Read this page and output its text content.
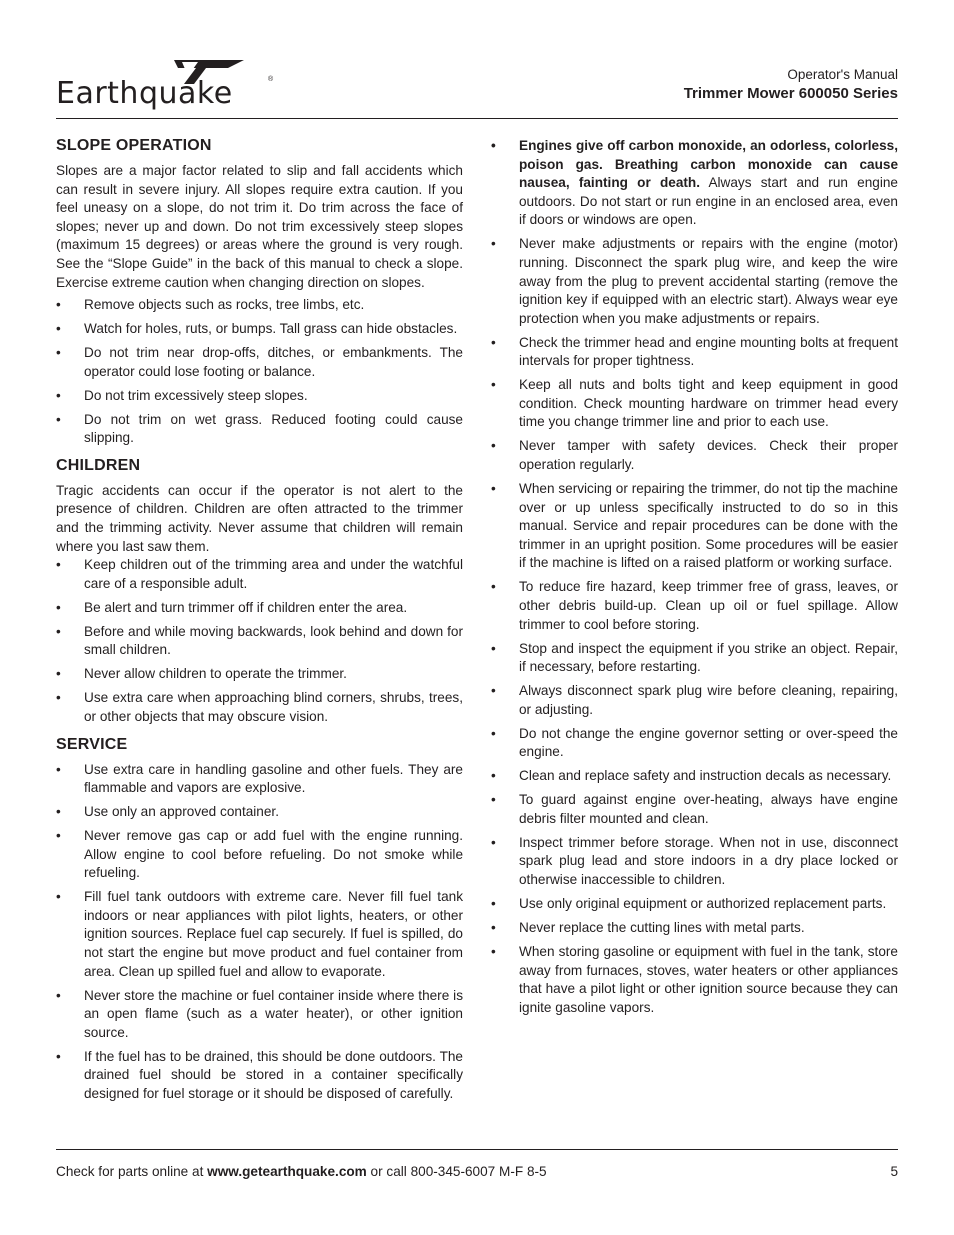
Earthquake	®	Operator's Manual
Trimmer Mower 600050 Series
SLOPE OPERATION

Slopes are a major factor related to slip and fall accidents which can result in severe injury. All slopes require extra caution. If you feel uneasy on a slope, do not trim it. Do trim across the face of slopes; never up and down. Do not trim excessively steep slopes (maximum 15 degrees) or areas where the ground is very rough. See the “Slope Guide” in the back of this manual to check a slope. Exercise extreme caution when changing direction on slopes.

• Remove objects such as rocks, tree limbs, etc.
• Watch for holes, ruts, or bumps. Tall grass can hide obstacles.
• Do not trim near drop-offs, ditches, or embankments. The operator could lose footing or balance.
• Do not trim excessively steep slopes.
• Do not trim on wet grass. Reduced footing could cause slipping.
CHILDREN

Tragic accidents can occur if the operator is not alert to the presence of children. Children are often attracted to the trimmer and the trimming activity. Never assume that children will remain where you last saw them.

• Keep children out of the trimming area and under the watchful care of a responsible adult.
• Be alert and turn trimmer off if children enter the area.
• Before and while moving backwards, look behind and down for small children.
• Never allow children to operate the trimmer.
• Use extra care when approaching blind corners, shrubs, trees, or other objects that may obscure vision.
SERVICE
• Use extra care in handling gasoline and other fuels. They are flammable and vapors are explosive.
• Use only an approved container.
• Never remove gas cap or add fuel with the engine running. Allow engine to cool before refueling. Do not smoke while refueling.
• Fill fuel tank outdoors with extreme care. Never fill fuel tank indoors or near appliances with pilot lights, heaters, or other ignition sources. Replace fuel cap securely. If fuel is spilled, do not start the engine but move product and fuel container from area. Clean up spilled fuel and allow to evaporate.
• Never store the machine or fuel container inside where there is an open flame (such as a water heater), or other ignition source.
• If the fuel has to be drained, this should be done outdoors. The drained fuel should be stored in a container specifically designed for fuel storage or it should be disposed of carefully.
• Engines give off carbon monoxide, an odorless, colorless, poison gas. Breathing carbon monoxide can cause nausea, fainting or death. Always start and run engine outdoors. Do not start or run engine in an enclosed area, even if doors or windows are open.
• Never make adjustments or repairs with the engine (motor) running. Disconnect the spark plug wire, and keep the wire away from the plug to prevent accidental starting (remove the ignition key if equipped with an electric start). Always wear eye protection when you make adjustments or repairs.
• Check the trimmer head and engine mounting bolts at frequent intervals for proper tightness.
• Keep all nuts and bolts tight and keep equipment in good condition. Check mounting hardware on trimmer head every time you change trimmer line and prior to each use.
• Never tamper with safety devices. Check their proper operation regularly.
• When servicing or repairing the trimmer, do not tip the machine over or up unless specifically instructed to do so in this manual. Service and repair procedures can be done with the trimmer in an upright position. Some procedures will be easier if the machine is lifted on a raised platform or working surface.
• To reduce fire hazard, keep trimmer free of grass, leaves, or other debris build-up. Clean up oil or fuel spillage. Allow trimmer to cool before storing.
• Stop and inspect the equipment if you strike an object. Repair, if necessary, before restarting.
• Always disconnect spark plug wire before cleaning, repairing, or adjusting.
• Do not change the engine governor setting or over-speed the engine.
• Clean and replace safety and instruction decals as necessary.
• To guard against engine over-heating, always have engine debris filter mounted and clean.
• Inspect trimmer before storage. When not in use, disconnect spark plug lead and store indoors in a dry place locked or otherwise inaccessible to children.
• Use only original equipment or authorized replacement parts.
• Never replace the cutting lines with metal parts.
• When storing gasoline or equipment with fuel in the tank, store away from furnaces, stoves, water heaters or other appliances that have a pilot light or other ignition source because they can ignite gasoline vapors.
Check for parts online at www.getearthquake.com or call 800-345-6007 M-F 8-5	5
